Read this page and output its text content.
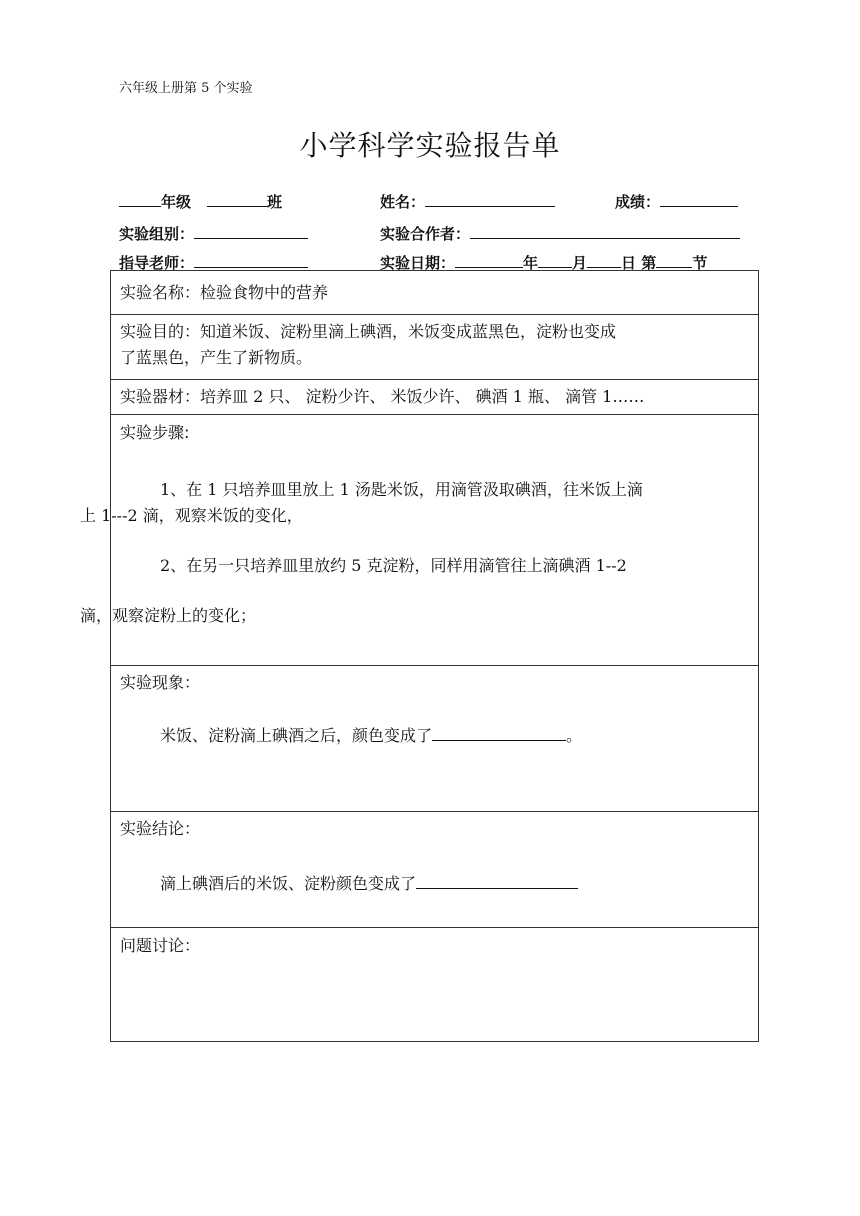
六年级上册第 5 个实验
小学科学实验报告单
年级	班	姓名：	成绩：
实验组别：	实验合作者：
指导老师：	实验日期：	年 月 日 第 节
实验名称：检验食物中的营养
实验目的：知道米饭、淀粉里滴上碘酒，米饭变成蓝黑色，淀粉也变成
了蓝黑色，产生了新物质。
实验器材：培养皿 2 只、 淀粉少许、 米饭少许、 碘酒 1 瓶、 滴管 1……
实验步骤:
1、在 1 只培养皿里放上 1 汤匙米饭，用滴管汲取碘酒，往米饭上滴
上 1---2 滴，观察米饭的变化，
2、在另一只培养皿里放约 5 克淀粉，同样用滴管往上滴碘酒 1--2
滴，观察淀粉上的变化；
实验现象：
米饭、淀粉滴上碘酒之后，颜色变成了	。
实验结论：
滴上碘酒后的米饭、淀粉颜色变成了
问题讨论：
